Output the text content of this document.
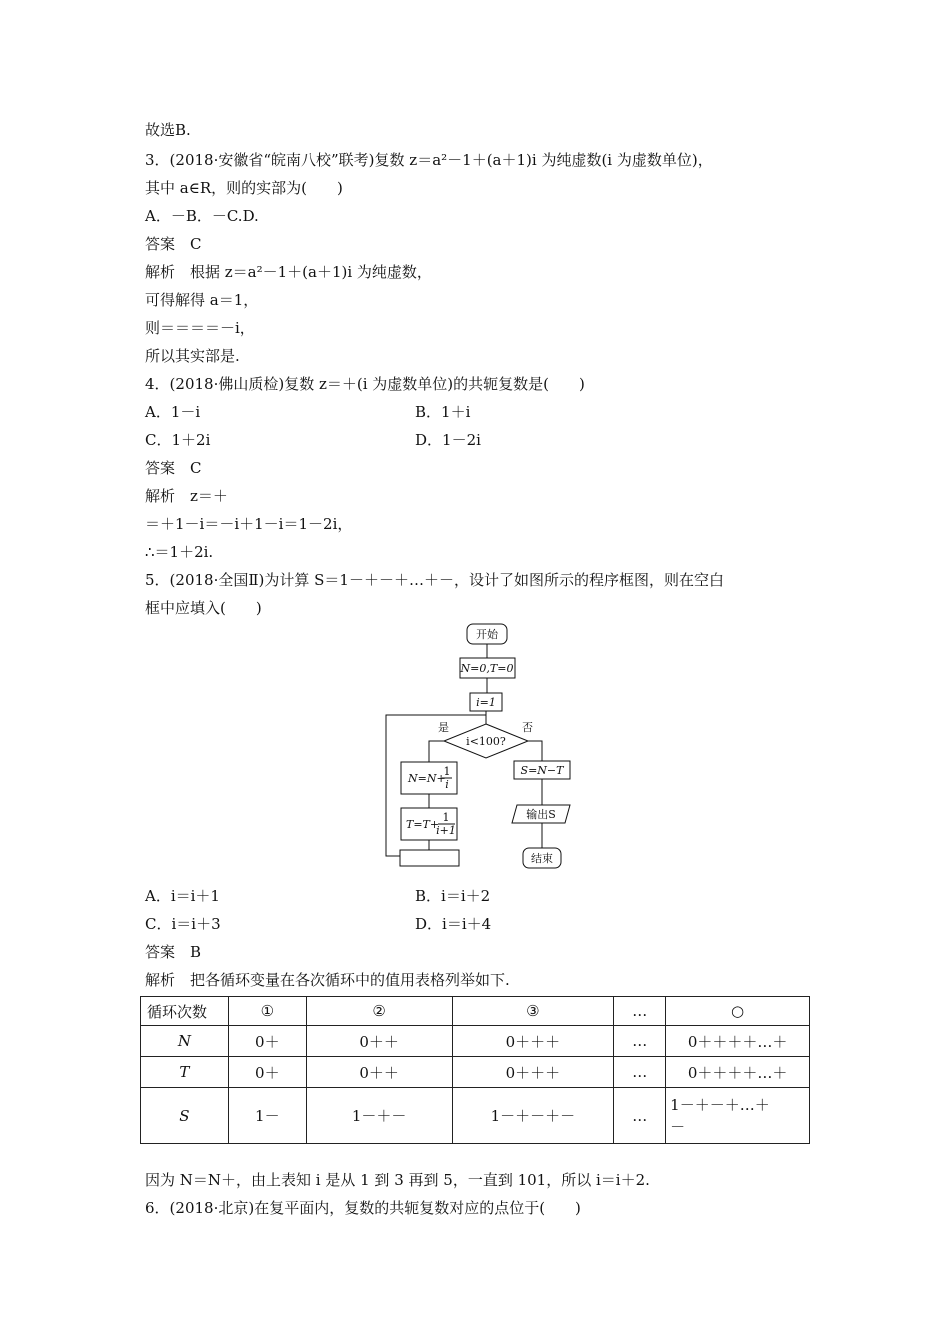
故选B.
3．(2018·安徽省“皖南八校”联考)复数 z＝a²－1＋(a＋1)i 为纯虚数(i 为虚数单位)，
其中 a∈R，则的实部为(　　)
A．－B．－C.D.
答案　C
解析　根据 z＝a²－1＋(a＋1)i 为纯虚数，
可得解得 a＝1，
则＝＝＝＝－i，
所以其实部是.
4．(2018·佛山质检)复数 z＝＋(i 为虚数单位)的共轭复数是(　　)
A．1－i	B．1＋i
C．1＋2i	D．1－2i
答案　C
解析　z＝＋
＝＋1－i＝－i＋1－i＝1－2i，
∴＝1＋2i.
5．(2018·全国Ⅱ)为计算 S＝1－＋－＋…＋－，设计了如图所示的程序框图，则在空白
框中应填入(　　)
开始
N=0,T=0
i=1
i<100?
是	否
N=N+
1
i
T=T+
1
i+1
S=N−T
输出S
结束
A．i＝i＋1	B．i＝i＋2
C．i＝i＋3	D．i＝i＋4
答案　B
解析　把各循环变量在各次循环中的值用表格列举如下.
循环次数	①	②	③	…	○
N	0＋	0＋＋	0＋＋＋	…	0＋＋＋＋…＋
T	0＋	0＋＋	0＋＋＋	…	0＋＋＋＋…＋
S	1－	1－＋－	1－＋－＋－	…	1－＋－＋…＋
－
因为 N＝N＋，由上表知 i 是从 1 到 3 再到 5，一直到 101，所以 i＝i＋2.
6．(2018·北京)在复平面内，复数的共轭复数对应的点位于(　　)
